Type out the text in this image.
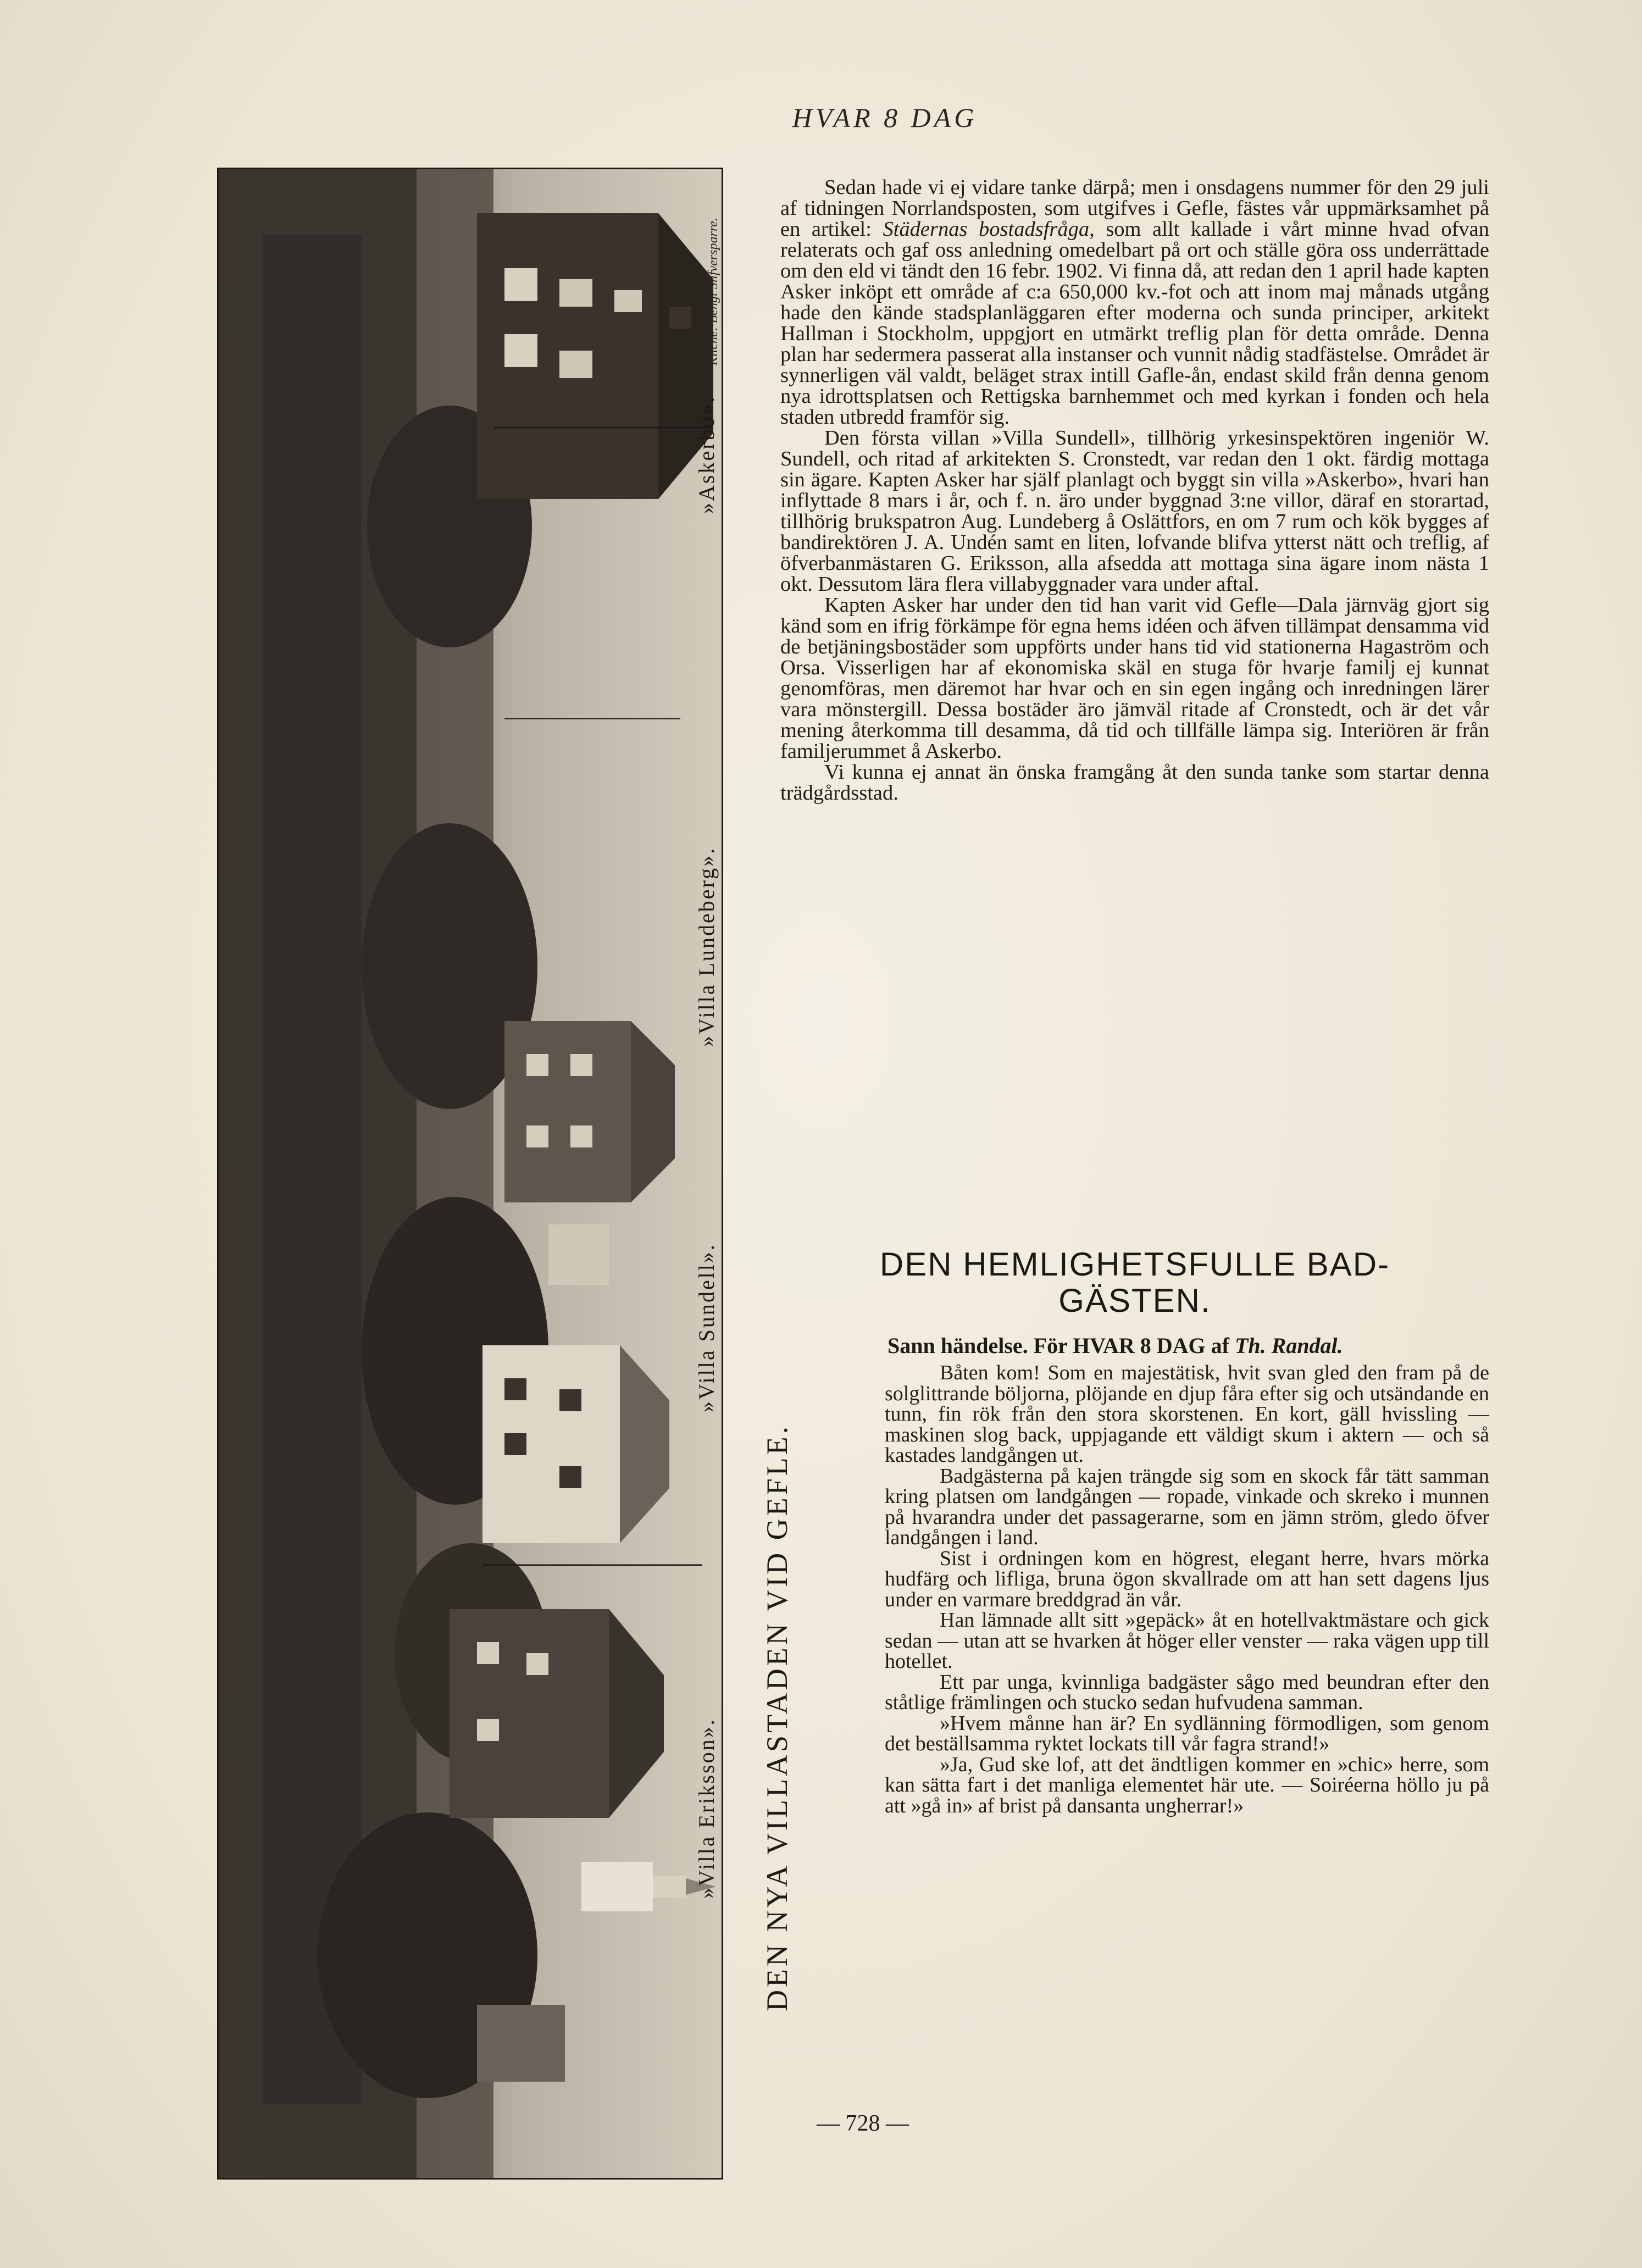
HVAR 8 DAG
»Villa Eriksson».
»Villa Sundell».
»Villa Lundeberg».
»Askerbo».
Kliché: Bengt Silfversparre.
DEN NYA VILLASTADEN VID GEFLE.

Sedan hade vi ej vidare tanke därpå; men i onsdagens nummer för den 29 juli af tidningen Norrlandsposten, som utgifves i Gefle, fästes vår uppmärksamhet på en artikel: Städernas bostadsfråga, som allt kallade i vårt minne hvad ofvan relaterats och gaf oss anledning omedelbart på ort och ställe göra oss underrättade om den eld vi tändt den 16 febr. 1902. Vi finna då, att redan den 1 april hade kapten Asker inköpt ett område af c:a 650,000 kv.-fot och att inom maj månads utgång hade den kände stadsplanläggaren efter moderna och sunda principer, arkitekt Hallman i Stockholm, uppgjort en utmärkt treflig plan för detta område. Denna plan har sedermera passerat alla instanser och vunnit nådig stadfästelse. Området är synnerligen väl valdt, beläget strax intill Gafle-ån, endast skild från denna genom nya idrottsplatsen och Rettigska barnhemmet och med kyrkan i fonden och hela staden utbredd framför sig.

Den första villan »Villa Sundell», tillhörig yrkesinspektören ingeniör W. Sundell, och ritad af arkitekten S. Cronstedt, var redan den 1 okt. färdig mottaga sin ägare. Kapten Asker har själf planlagt och byggt sin villa »Askerbo», hvari han inflyttade 8 mars i år, och f. n. äro under byggnad 3:ne villor, däraf en storartad, tillhörig brukspatron Aug. Lundeberg å Oslättfors, en om 7 rum och kök bygges af bandirektören J. A. Undén samt en liten, lofvande blifva ytterst nätt och treflig, af öfverbanmästaren G. Eriksson, alla afsedda att mottaga sina ägare inom nästa 1 okt. Dessutom lära flera villabyggnader vara under aftal.

Kapten Asker har under den tid han varit vid Gefle—Dala järnväg gjort sig känd som en ifrig förkämpe för egna hems idéen och äfven tillämpat densamma vid de betjäningsbostäder som uppförts under hans tid vid stationerna Hagaström och Orsa. Visserligen har af ekonomiska skäl en stuga för hvarje familj ej kunnat genomföras, men däremot har hvar och en sin egen ingång och inredningen lärer vara mönstergill. Dessa bostäder äro jämväl ritade af Cronstedt, och är det vår mening återkomma till desamma, då tid och tillfälle lämpa sig. Interiören är från familjerummet å Askerbo.

Vi kunna ej annat än önska framgång åt den sunda tanke som startar denna trädgårdsstad.

DEN HEMLIGHETSFULLE BAD-
GÄSTEN.
Sann händelse. För HVAR 8 DAG af Th. Randal.

Båten kom! Som en majestätisk, hvit svan gled den fram på de solglittrande böljorna, plöjande en djup fåra efter sig och utsändande en tunn, fin rök från den stora skorstenen. En kort, gäll hvissling — maskinen slog back, uppjagande ett väldigt skum i aktern — och så kastades landgången ut.

Badgästerna på kajen trängde sig som en skock får tätt samman kring platsen om landgången — ropade, vinkade och skrekо i munnen på hvarandra under det passagerarne, som en jämn ström, gledo öfver landgången i land.

Sist i ordningen kom en högrest, elegant herre, hvars mörka hudfärg och lifliga, bruna ögon skvallrade om att han sett dagens ljus under en varmare breddgrad än vår.

Han lämnade allt sitt »gepäck» åt en hotellvaktmästare och gick sedan — utan att se hvarken åt höger eller venster — raka vägen upp till hotellet.

Ett par unga, kvinnliga badgäster sågo med beundran efter den ståtlige främlingen och stucko sedan hufvudena samman.

»Hvem månne han är? En sydlänning förmodligen, som genom det beställsamma ryktet lockats till vår fagra strand!»

»Ja, Gud ske lof, att det ändtligen kommer en »chic» herre, som kan sätta fart i det manliga elementet här ute. — Soiréerna höllo ju på att »gå in» af brist på dansanta ungherrar!»

— 728 —
